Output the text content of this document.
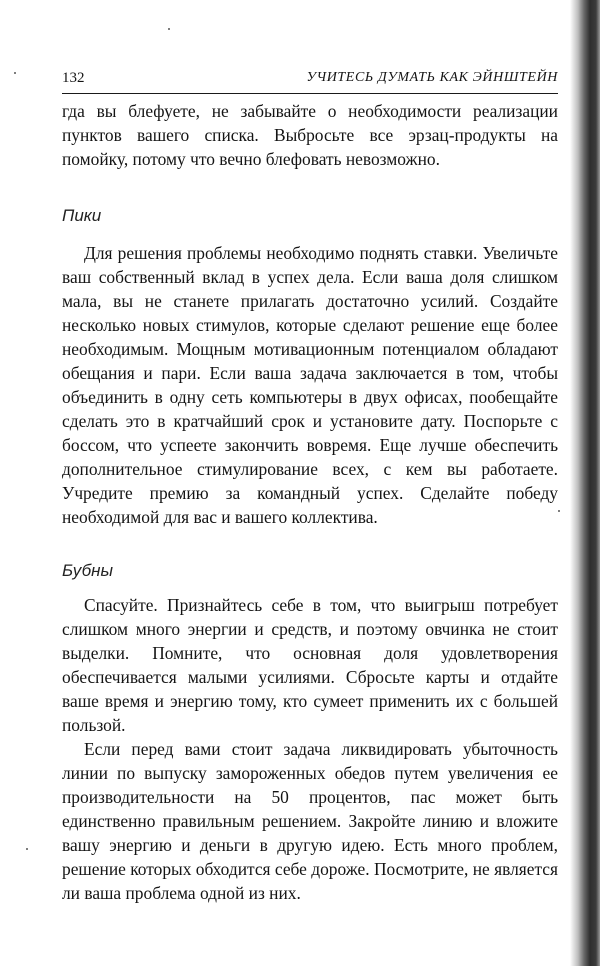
132	УЧИТЕСЬ ДУМАТЬ КАК ЭЙНШТЕЙН

гда вы блефуете, не забывайте о необходимости реализации пунктов вашего списка. Выбросьте все эрзац-продукты на помойку, потому что вечно блефовать невозможно.

Пики

Для решения проблемы необходимо поднять ставки. Увеличьте ваш собственный вклад в успех дела. Если ваша доля слишком мала, вы не станете прилагать достаточно усилий. Создайте несколько новых стимулов, которые сделают решение еще более необходимым. Мощным мотивационным потенциалом обладают обещания и пари. Если ваша задача заключается в том, чтобы объединить в одну сеть компьютеры в двух офисах, пообещайте сделать это в кратчайший срок и установите дату. Поспорьте с боссом, что успеете закончить вовремя. Еще лучше обеспечить дополнительное стимулирование всех, с кем вы работаете. Учредите премию за командный успех. Сделайте победу необходимой для вас и вашего коллектива.

Бубны

Спасуйте. Признайтесь себе в том, что выигрыш потребует слишком много энергии и средств, и поэтому овчинка не стоит выделки. Помните, что основная доля удовлетворения обеспечивается малыми усилиями. Сбросьте карты и отдайте ваше время и энергию тому, кто сумеет применить их с большей пользой.

Если перед вами стоит задача ликвидировать убыточность линии по выпуску замороженных обедов путем увеличения ее производительности на 50 процентов, пас может быть единственно правильным решением. Закройте линию и вложите вашу энергию и деньги в другую идею. Есть много проблем, решение которых обходится себе дороже. Посмотрите, не является ли ваша проблема одной из них.
